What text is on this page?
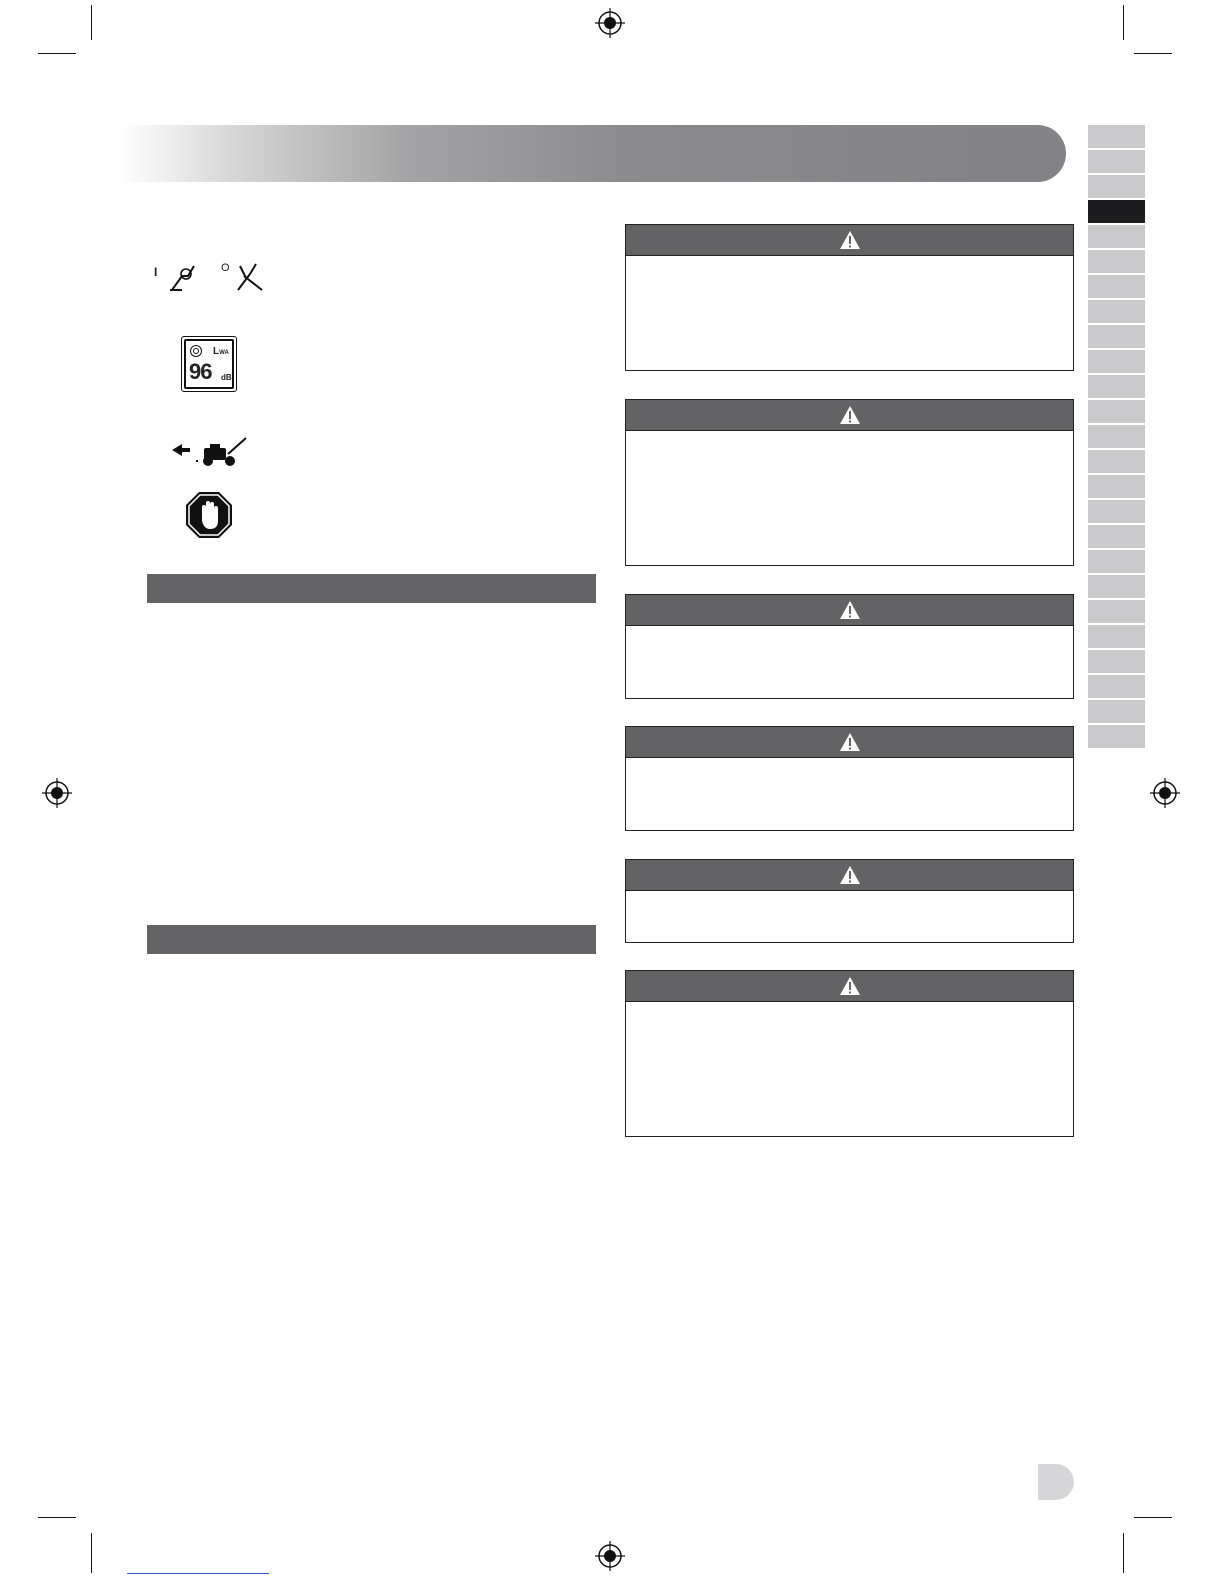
I	O
LWA
96 dB
